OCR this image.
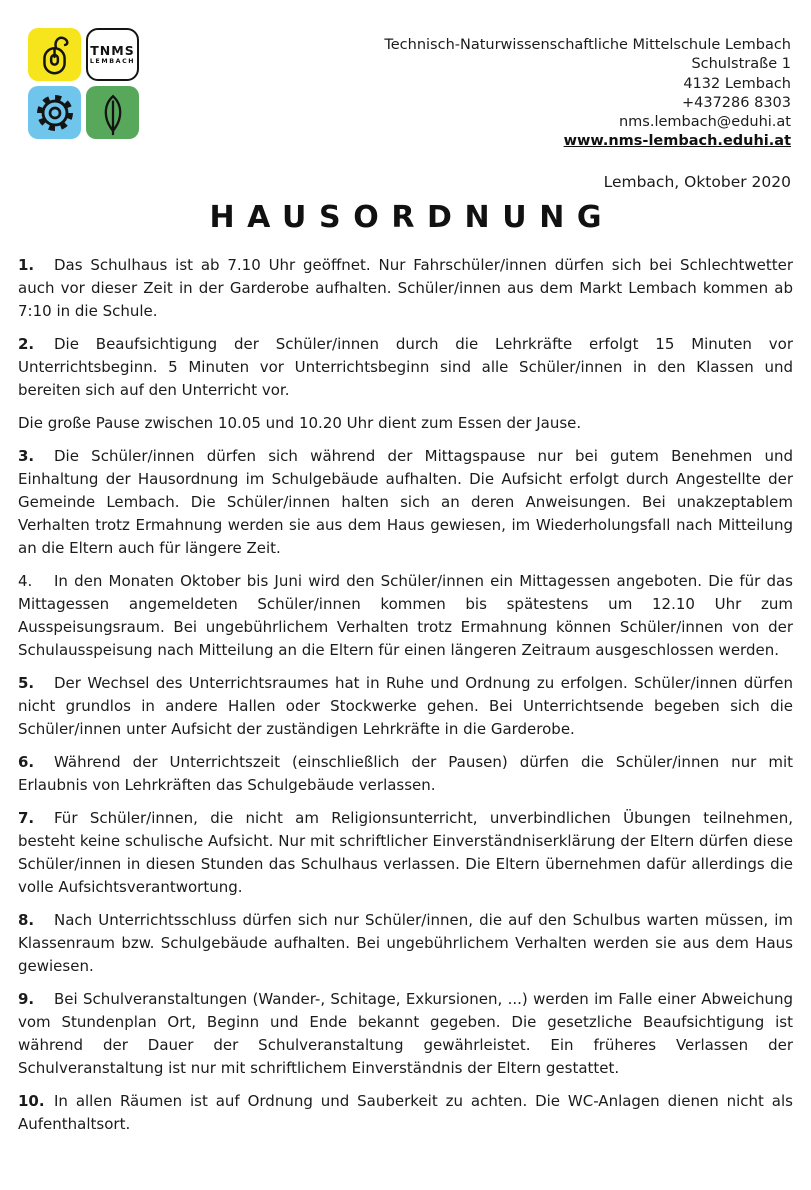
TNMS
LEMBACH
Technisch-Naturwissenschaftliche Mittelschule Lembach
Schulstraße 1
4132 Lembach
+437286 8303
nms.lembach@eduhi.at
www.nms-lembach.eduhi.at
Lembach, Oktober 2020
HAUSORDNUNG

1. Das Schulhaus ist ab 7.10 Uhr geöffnet. Nur Fahrschüler/innen dürfen sich bei Schlechtwetter auch vor dieser Zeit in der Garderobe aufhalten. Schüler/innen aus dem Markt Lembach kommen ab 7:10 in die Schule.

2. Die Beaufsichtigung der Schüler/innen durch die Lehrkräfte erfolgt 15 Minuten vor Unterrichtsbeginn. 5 Minuten vor Unterrichtsbeginn sind alle Schüler/innen in den Klassen und bereiten sich auf den Unterricht vor.

Die große Pause zwischen 10.05 und 10.20 Uhr dient zum Essen der Jause.

3. Die Schüler/innen dürfen sich während der Mittagspause nur bei gutem Benehmen und Einhaltung der Hausordnung im Schulgebäude aufhalten. Die Aufsicht erfolgt durch Angestellte der Gemeinde Lembach. Die Schüler/innen halten sich an deren Anweisungen. Bei unakzeptablem Verhalten trotz Ermahnung werden sie aus dem Haus gewiesen, im Wiederholungsfall nach Mitteilung an die Eltern auch für längere Zeit.

4. In den Monaten Oktober bis Juni wird den Schüler/innen ein Mittagessen angeboten. Die für das Mittagessen angemeldeten Schüler/innen kommen bis spätestens um 12.10 Uhr zum Ausspeisungsraum. Bei ungebührlichem Verhalten trotz Ermahnung können Schüler/innen von der Schulausspeisung nach Mitteilung an die Eltern für einen längeren Zeitraum ausgeschlossen werden.

5. Der Wechsel des Unterrichtsraumes hat in Ruhe und Ordnung zu erfolgen. Schüler/innen dürfen nicht grundlos in andere Hallen oder Stockwerke gehen. Bei Unterrichtsende begeben sich die Schüler/innen unter Aufsicht der zuständigen Lehrkräfte in die Garderobe.

6. Während der Unterrichtszeit (einschließlich der Pausen) dürfen die Schüler/innen nur mit Erlaubnis von Lehrkräften das Schulgebäude verlassen.

7. Für Schüler/innen, die nicht am Religionsunterricht, unverbindlichen Übungen teilnehmen, besteht keine schulische Aufsicht. Nur mit schriftlicher Einverständniserklärung der Eltern dürfen diese Schüler/innen in diesen Stunden das Schulhaus verlassen. Die Eltern übernehmen dafür allerdings die volle Aufsichtsverantwortung.

8. Nach Unterrichtsschluss dürfen sich nur Schüler/innen, die auf den Schulbus warten müssen, im Klassenraum bzw. Schulgebäude aufhalten. Bei ungebührlichem Verhalten werden sie aus dem Haus gewiesen.

9. Bei Schulveranstaltungen (Wander-, Schitage, Exkursionen, ...) werden im Falle einer Abweichung vom Stundenplan Ort, Beginn und Ende bekannt gegeben. Die gesetzliche Beaufsichtigung ist während der Dauer der Schulveranstaltung gewährleistet. Ein früheres Verlassen der Schulveranstaltung ist nur mit schriftlichem Einverständnis der Eltern gestattet.

10. In allen Räumen ist auf Ordnung und Sauberkeit zu achten. Die WC-Anlagen dienen nicht als Aufenthaltsort.
